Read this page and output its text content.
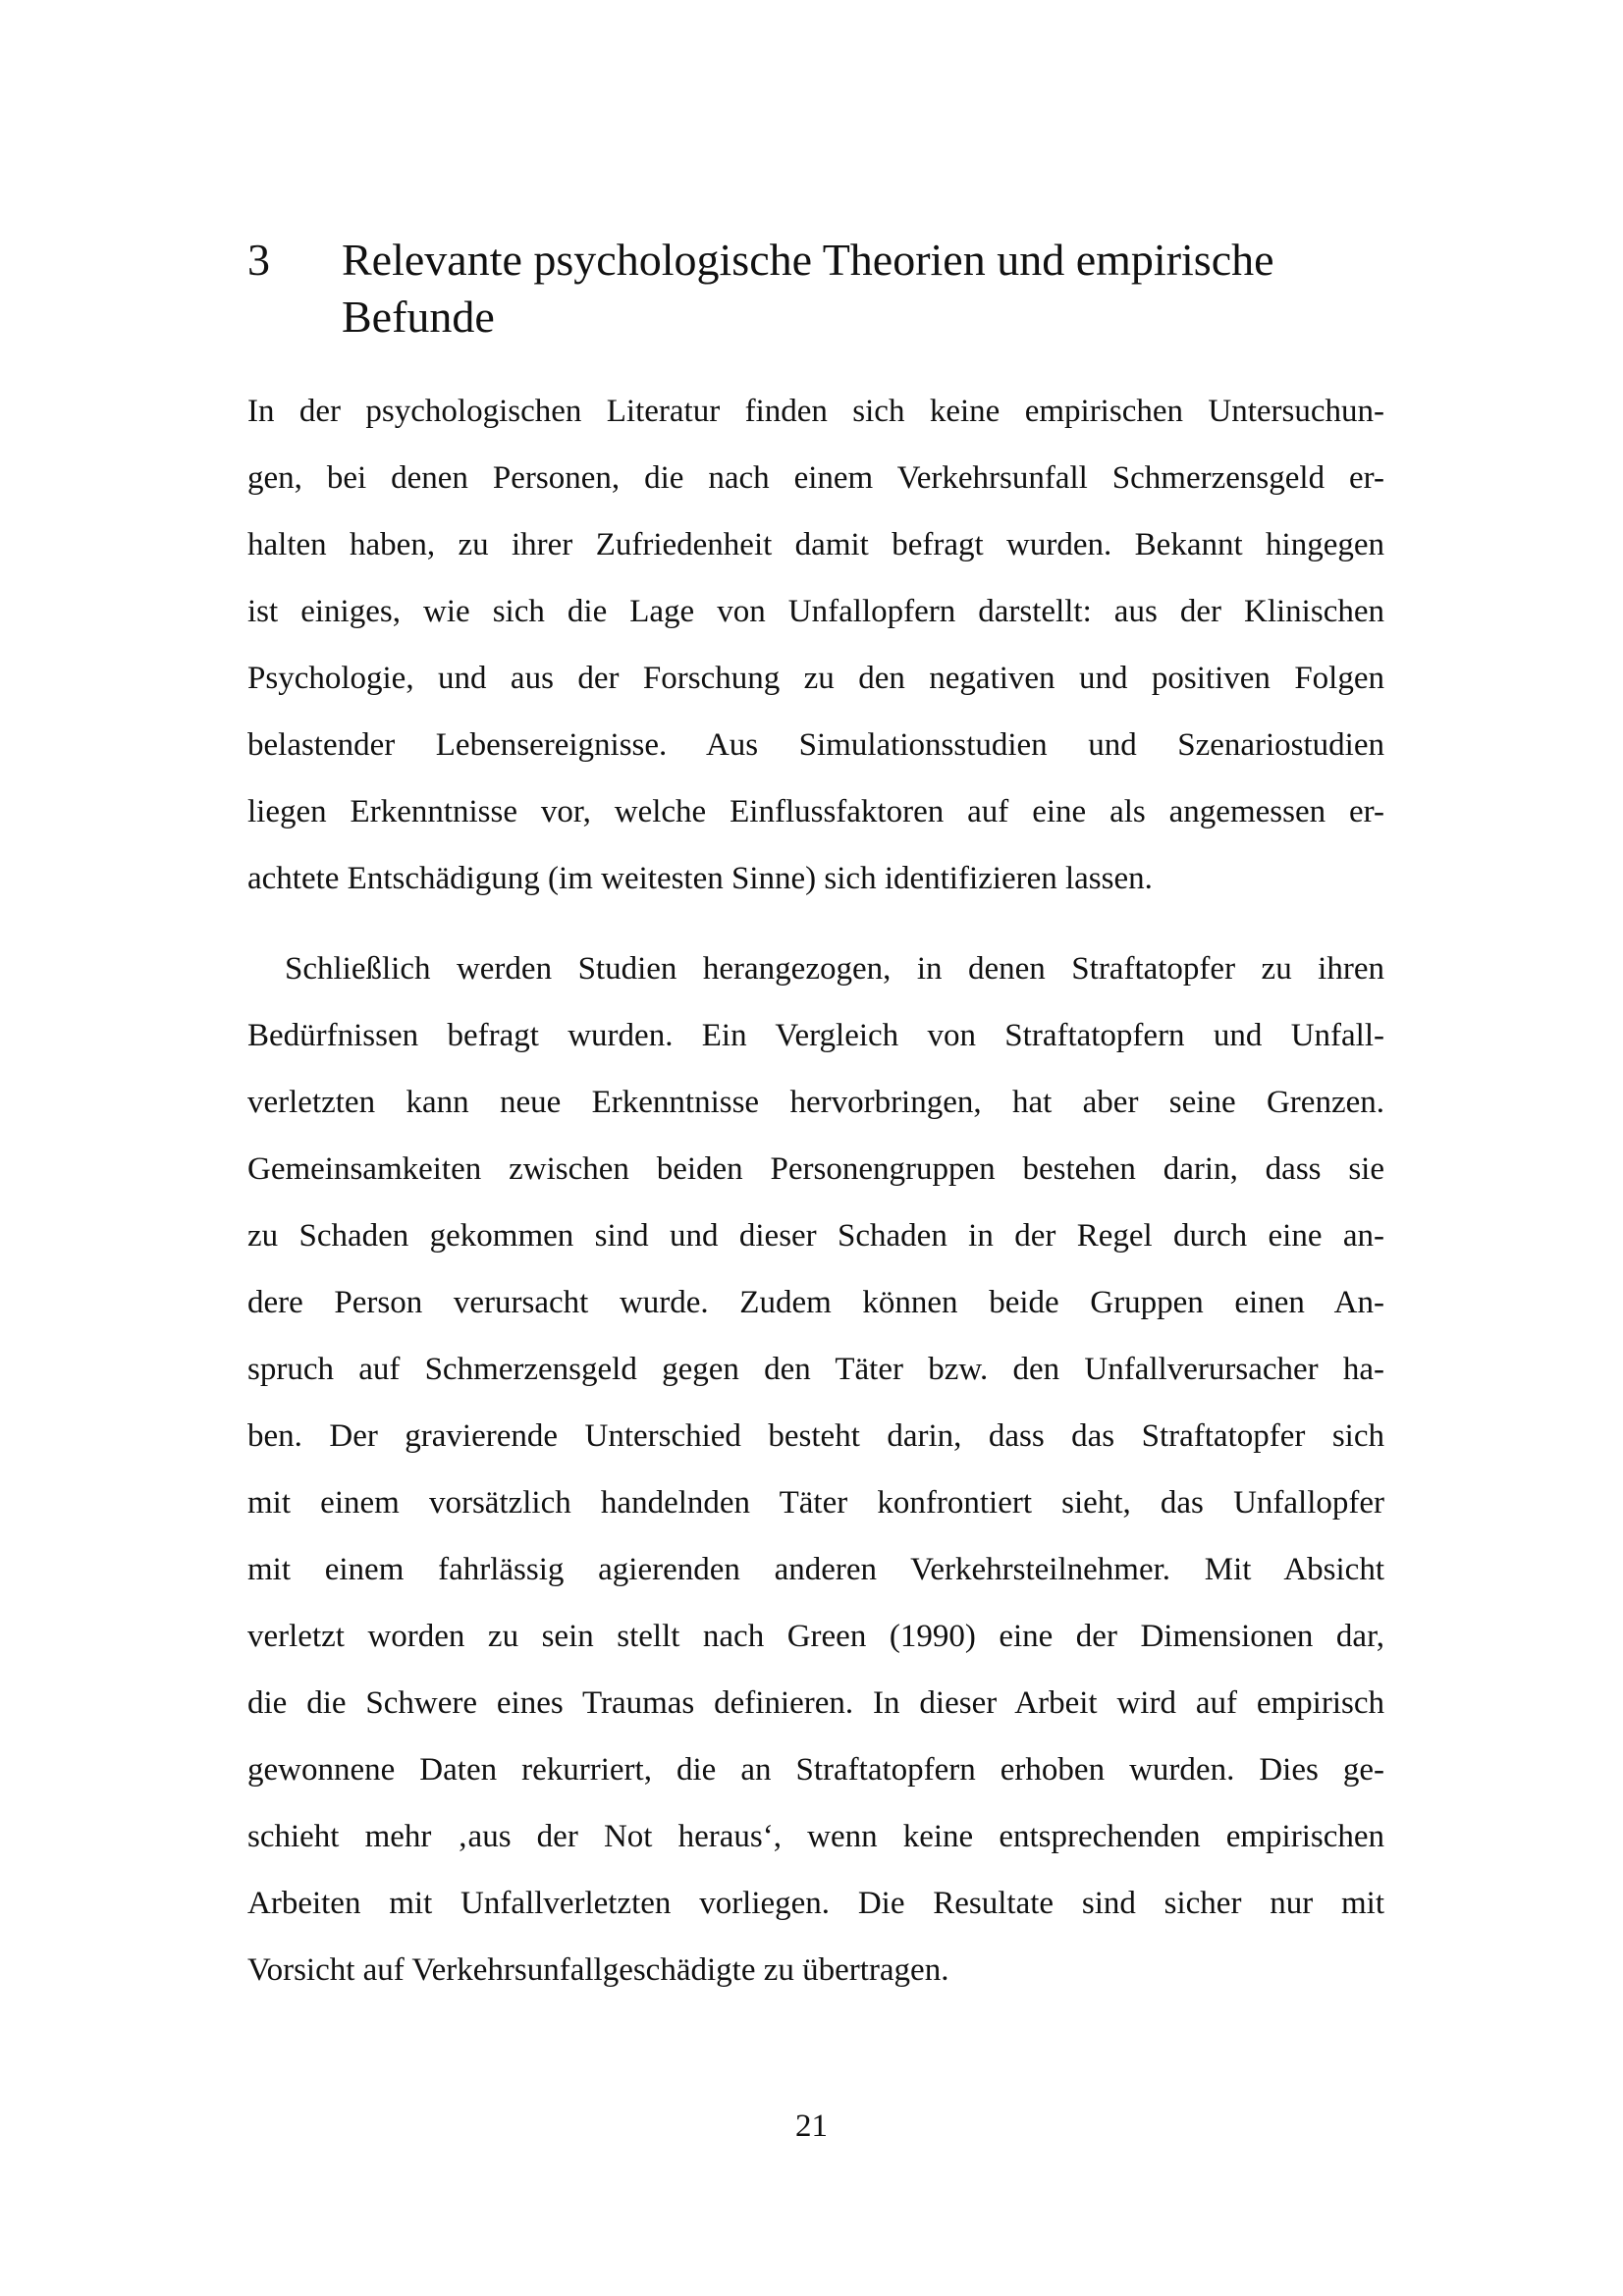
3	Relevante psychologische Theorien und empirische
Befunde
In der psychologischen Literatur finden sich keine empirischen Untersuchun-
gen, bei denen Personen, die nach einem Verkehrsunfall Schmerzensgeld er-
halten haben, zu ihrer Zufriedenheit damit befragt wurden. Bekannt hingegen
ist einiges, wie sich die Lage von Unfallopfern darstellt: aus der Klinischen
Psychologie, und aus der Forschung zu den negativen und positiven Folgen
belastender Lebensereignisse. Aus Simulationsstudien und Szenariostudien
liegen Erkenntnisse vor, welche Einflussfaktoren auf eine als angemessen er-
achtete Entschädigung (im weitesten Sinne) sich identifizieren lassen.
Schließlich werden Studien herangezogen, in denen Straftatopfer zu ihren
Bedürfnissen befragt wurden. Ein Vergleich von Straftatopfern und Unfall-
verletzten kann neue Erkenntnisse hervorbringen, hat aber seine Grenzen.
Gemeinsamkeiten zwischen beiden Personengruppen bestehen darin, dass sie
zu Schaden gekommen sind und dieser Schaden in der Regel durch eine an-
dere Person verursacht wurde. Zudem können beide Gruppen einen An-
spruch auf Schmerzensgeld gegen den Täter bzw. den Unfallverursacher ha-
ben. Der gravierende Unterschied besteht darin, dass das Straftatopfer sich
mit einem vorsätzlich handelnden Täter konfrontiert sieht, das Unfallopfer
mit einem fahrlässig agierenden anderen Verkehrsteilnehmer. Mit Absicht
verletzt worden zu sein stellt nach Green (1990) eine der Dimensionen dar,
die die Schwere eines Traumas definieren. In dieser Arbeit wird auf empirisch
gewonnene Daten rekurriert, die an Straftatopfern erhoben wurden. Dies ge-
schieht mehr ‚aus der Not heraus‘, wenn keine entsprechenden empirischen
Arbeiten mit Unfallverletzten vorliegen. Die Resultate sind sicher nur mit
Vorsicht auf Verkehrsunfallgeschädigte zu übertragen.
21
